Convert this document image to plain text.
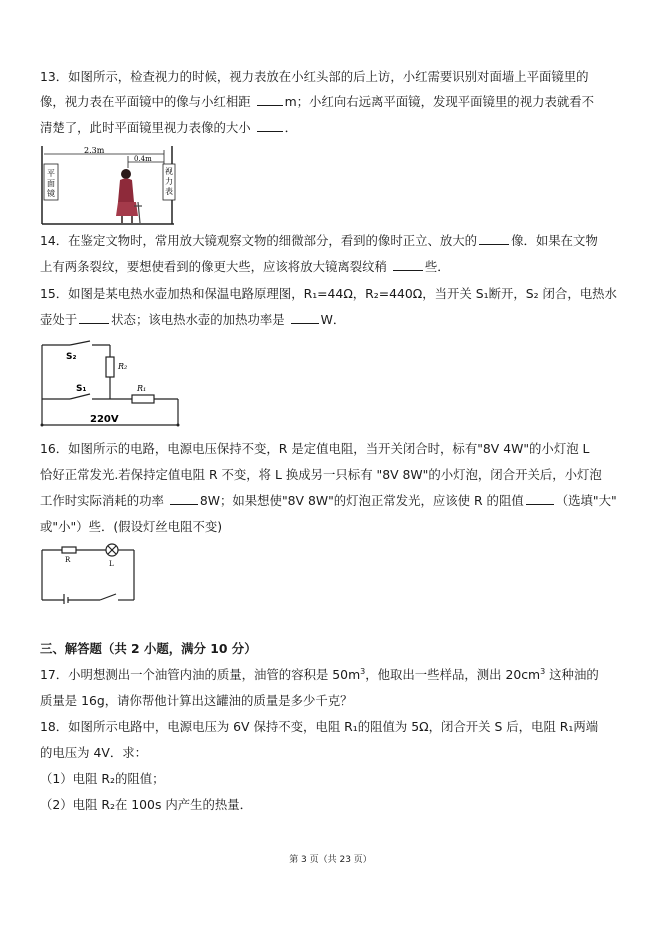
13．如图所示，检查视力的时候，视力表放在小红头部的后上访，小红需要识别对面墙上平面镜里的
像，视力表在平面镜中的像与小红相距 m；小红向右远离平面镜，发现平面镜里的视力表就看不
清楚了，此时平面镜里视力表像的大小 ．
2.3m
0.4m
平面镜
视力表
14．在鉴定文物时，常用放大镜观察文物的细微部分，看到的像时正立、放大的	像．如果在文物
上有两条裂纹，要想使看到的像更大些，应该将放大镜离裂纹稍	些．
15．如图是某电热水壶加热和保温电路原理图，R₁=44Ω，R₂=440Ω，当开关 S₁断开，S₂ 闭合，电热水
壶处于	状态；该电热水壶的加热功率是	W．
S₂
R₂
S₁	R₁
220V
16．如图所示的电路，电源电压保持不变，R 是定值电阻，当开关闭合时，标有"8V 4W"的小灯泡 L
恰好正常发光.若保持定值电阻 R 不变，将 L 换成另一只标有 "8V 8W"的小灯泡，闭合开关后，小灯泡
工作时实际消耗的功率	8W；如果想使"8V 8W"的灯泡正常发光，应该使 R 的阻值	（选填"大"
或"小"）些．(假设灯丝电阻不变)
R	L
三、解答题（共 2 小题，满分 10 分）
17．小明想测出一个油管内油的质量，油管的容积是 $50m^3$，他取出一些样品，测出 $20cm^3$ 这种油的
质量是 16g，请你帮他计算出这罐油的质量是多少千克？
18．如图所示电路中，电源电压为 6V 保持不变，电阻 R₁的阻值为 5Ω，闭合开关 S 后，电阻 R₁两端
的电压为 4V．求：
（1）电阻 R₂的阻值；
（2）电阻 R₂在 100s 内产生的热量．
第 3 页（共 23 页）
